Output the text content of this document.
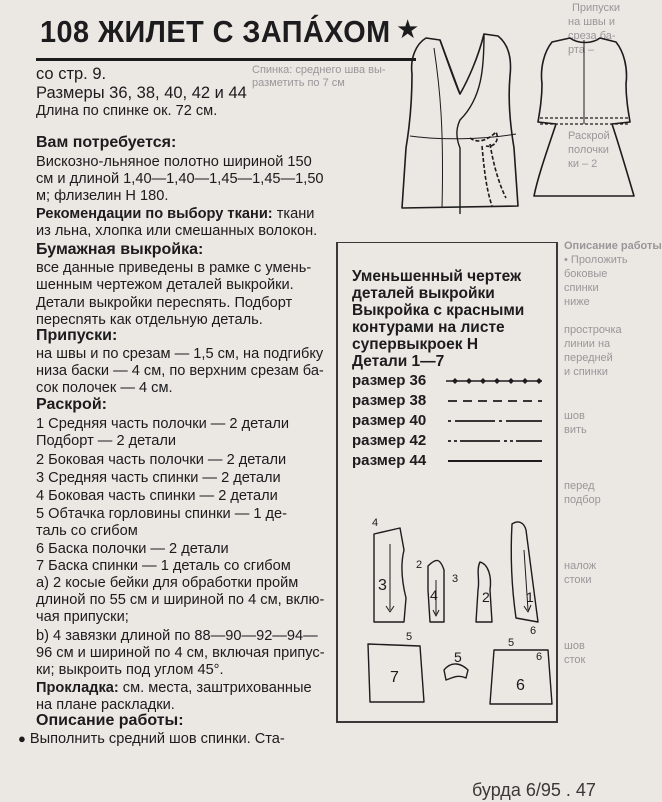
Спинка: среднего шва вы-
разметить по 7 см
Припуски
на швы и
среза ба-
рта –
Раскрой
полочки
ки – 2
Описание работы
• Проложить
боковые
спинки
ниже
прострочка
линии на
передней
и спинки
шов
вить
перед
подбор
налож
стоки
шов
сток
108 ЖИЛЕТ С ЗАПÁХОМ ★
со стр. 9.
Размеры 36, 38, 40, 42 и 44
Длина по спинке ок. 72 см.
Вам потребуется:
Вискозно-льняное полотно шириной 150
см и длиной 1,40—1,40—1,45—1,45—1,50
м; флизелин Н 180.
Рекомендации по выбору ткани: ткани
из льна, хлопка или смешанных волокон.
Бумажная выкройка:
все данные приведены в рамке с умень-
шенным чертежом деталей выкройки.
Детали выкройки пересnять. Подборт
пересnять как отдельную деталь.
Припуски:
на швы и по срезам — 1,5 см, на подгибку
низа баски — 4 см, по верхним срезам ба-
сок полочек — 4 см.
Раскрой:
1 Средняя часть полочки — 2 детали
Подборт — 2 детали
2 Боковая часть полочки — 2 детали
3 Средняя часть спинки — 2 детали
4 Боковая часть спинки — 2 детали
5 Обтачка горловины спинки — 1 де-
таль со сгибом
6 Баска полочки — 2 детали
7 Баска спинки — 1 деталь со сгибом
а) 2 косые бейки для обработки пройм
длиной по 55 см и шириной по 4 см, вклю-
чая припуски;
b) 4 завязки длиной по 88—90—92—94—
96 см и шириной по 4 см, включая припус-
ки; выкроить под углом 45°.
Прокладка: см. места, заштрихованные
на плане раскладки.
Описание работы:
● Выполнить средний шов спинки. Ста-
Уменьшенный чертеж
деталей выкройки
Выкройка с красными
контурами на листе
супервыкроек Н
Детали 1—7
размер 36
размер 38
размер 40
размер 42
размер 44
4
3
2
4
3
2	1
5
7
5
5
6
6
6
бурда 6/95 . 47
